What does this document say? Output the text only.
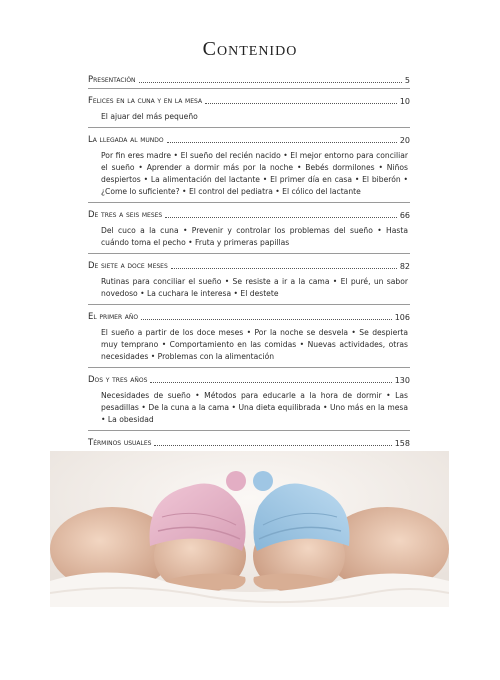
Contenido
Presentación	5
Felices en la cuna y en la mesa	10
El ajuar del más pequeño
La llegada al mundo	20
Por fin eres madre • El sueño del recién nacido • El mejor entorno para conciliar el sueño • Aprender a dormir más por la noche • Bebés dormilones • Niños despiertos • La alimentación del lactante • El primer día en casa • El biberón • ¿Come lo suficiente? • El control del pediatra • El cólico del lactante
De tres a seis meses	66
Del cuco a la cuna • Prevenir y controlar los problemas del sueño • Hasta cuándo toma el pecho • Fruta y primeras papillas
De siete a doce meses	82
Rutinas para conciliar el sueño • Se resiste a ir a la cama • El puré, un sabor novedoso • La cuchara le interesa • El destete
El primer año	106
El sueño a partir de los doce meses • Por la noche se desvela • Se despierta muy temprano • Comportamiento en las comidas • Nuevas actividades, otras necesidades • Problemas con la alimentación
Dos y tres años	130
Necesidades de sueño • Métodos para educarle a la hora de dormir • Las pesadillas • De la cuna a la cama • Una dieta equilibrada • Uno más en la mesa • La obesidad
Términos usuales	158
